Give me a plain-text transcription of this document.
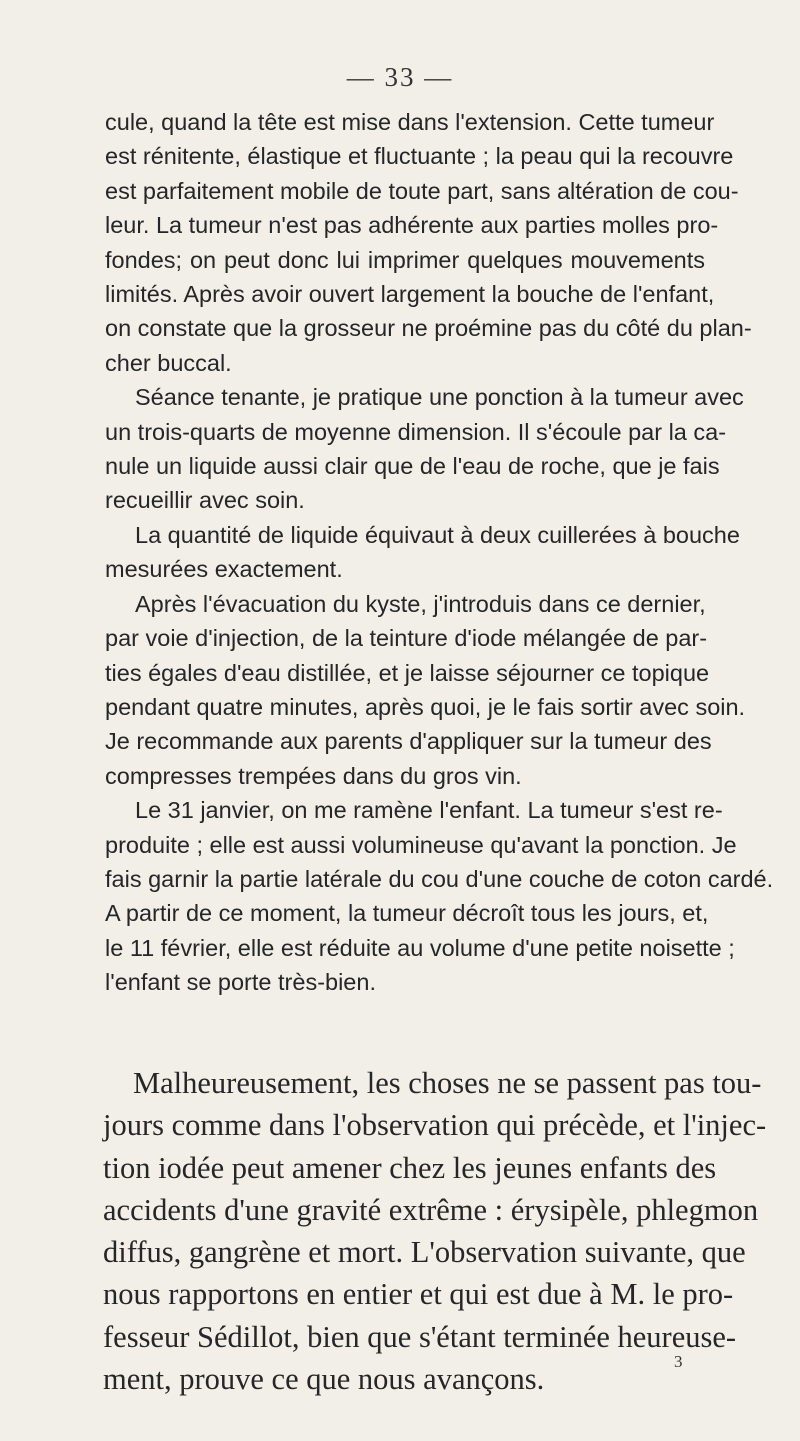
— 33 —
cule, quand la tête est mise dans l'extension. Cette tumeur
est rénitente, élastique et fluctuante ; la peau qui la recouvre
est parfaitement mobile de toute part, sans altération de cou-
leur. La tumeur n'est pas adhérente aux parties molles pro-
fondes; on peut donc lui imprimer quelques mouvements
limités. Après avoir ouvert largement la bouche de l'enfant,
on constate que la grosseur ne proémine pas du côté du plan-
cher buccal.
Séance tenante, je pratique une ponction à la tumeur avec
un trois-quarts de moyenne dimension. Il s'écoule par la ca-
nule un liquide aussi clair que de l'eau de roche, que je fais
recueillir avec soin.
La quantité de liquide équivaut à deux cuillerées à bouche
mesurées exactement.
Après l'évacuation du kyste, j'introduis dans ce dernier,
par voie d'injection, de la teinture d'iode mélangée de par-
ties égales d'eau distillée, et je laisse séjourner ce topique
pendant quatre minutes, après quoi, je le fais sortir avec soin.
Je recommande aux parents d'appliquer sur la tumeur des
compresses trempées dans du gros vin.
Le 31 janvier, on me ramène l'enfant. La tumeur s'est re-
produite ; elle est aussi volumineuse qu'avant la ponction. Je
fais garnir la partie latérale du cou d'une couche de coton cardé.
A partir de ce moment, la tumeur décroît tous les jours, et,
le 11 février, elle est réduite au volume d'une petite noisette ;
l'enfant se porte très-bien.
Malheureusement, les choses ne se passent pas tou-
jours comme dans l'observation qui précède, et l'injec-
tion iodée peut amener chez les jeunes enfants des
accidents d'une gravité extrême : érysipèle, phlegmon
diffus, gangrène et mort. L'observation suivante, que
nous rapportons en entier et qui est due à M. le pro-
fesseur Sédillot, bien que s'étant terminée heureuse-
ment, prouve ce que nous avançons.
3
